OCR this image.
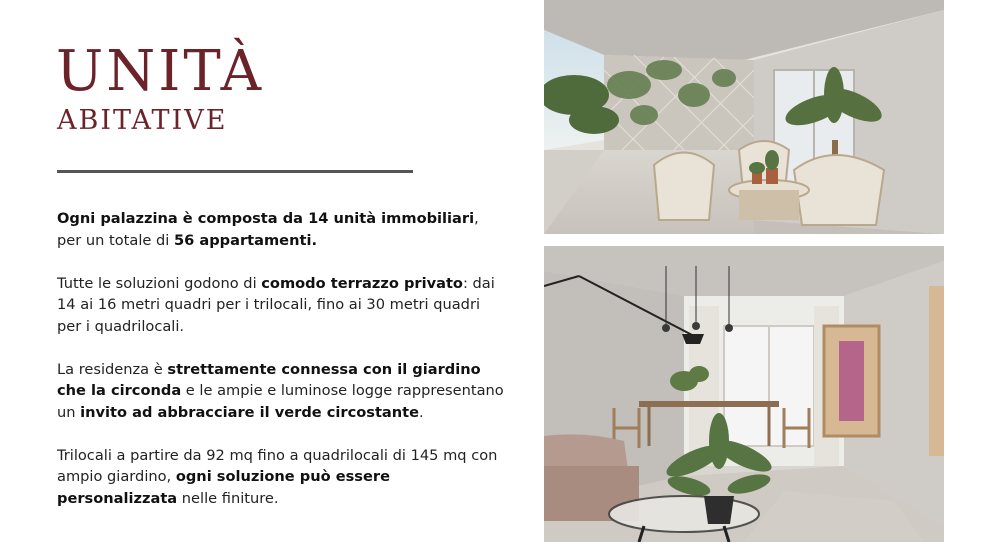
UNITÀ
ABITATIVE

Ogni palazzina è composta da 14 unità immobiliari, per un totale di 56 appartamenti.

Tutte le soluzioni godono di comodo terrazzo privato: dai 14 ai 16 metri quadri per i trilocali, fino ai 30 metri quadri per i quadrilocali.

La residenza è strettamente connessa con il giardino che la circonda e le ampie e luminose logge rappresentano un invito ad abbracciare il verde circostante.

Trilocali a partire da 92 mq fino a quadrilocali di 145 mq con ampio giardino, ogni soluzione può essere personalizzata nelle finiture.
